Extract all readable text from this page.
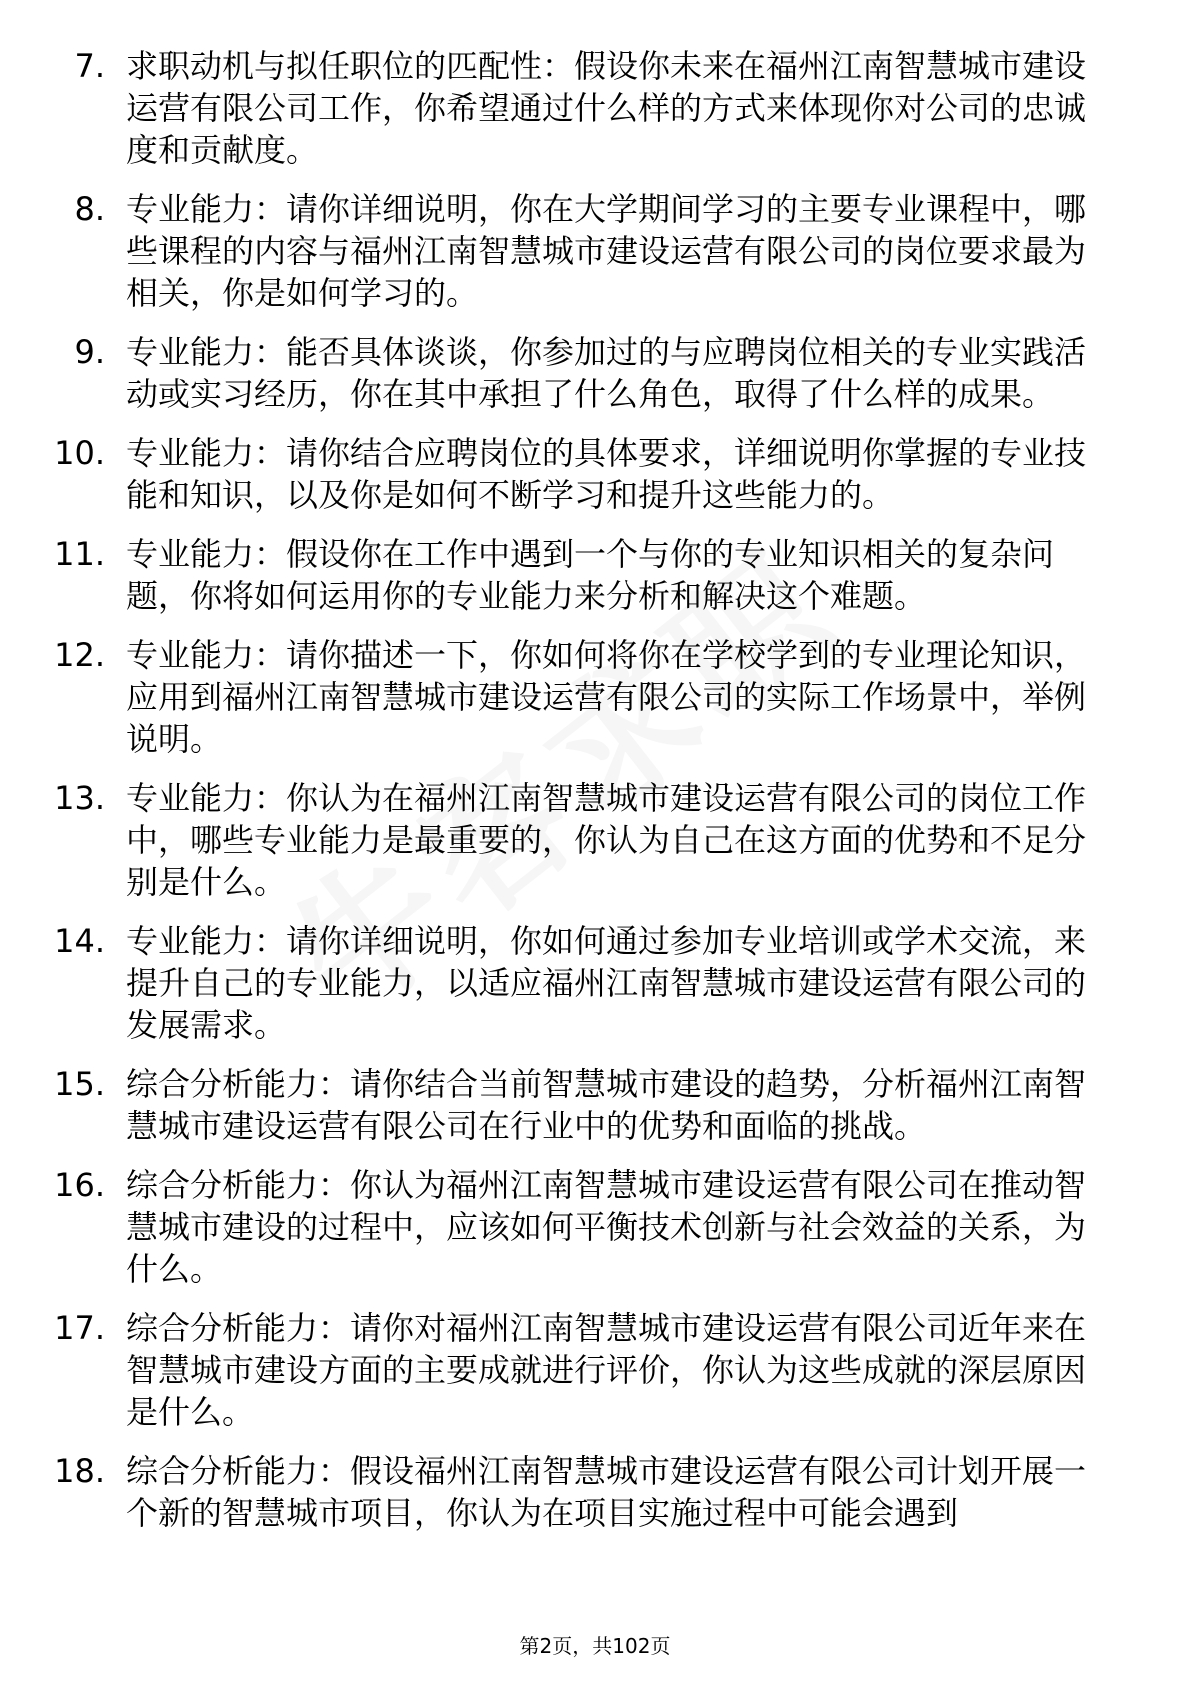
7. 求职动机与拟任职位的匹配性：假设你未来在福州江南智慧城市建设运营有限公司工作，你希望通过什么样的方式来体现你对公司的忠诚度和贡献度。
8. 专业能力：请你详细说明，你在大学期间学习的主要专业课程中，哪些课程的内容与福州江南智慧城市建设运营有限公司的岗位要求最为相关，你是如何学习的。
9. 专业能力：能否具体谈谈，你参加过的与应聘岗位相关的专业实践活动或实习经历，你在其中承担了什么角色，取得了什么样的成果。
10. 专业能力：请你结合应聘岗位的具体要求，详细说明你掌握的专业技能和知识，以及你是如何不断学习和提升这些能力的。
11. 专业能力：假设你在工作中遇到一个与你的专业知识相关的复杂问题，你将如何运用你的专业能力来分析和解决这个难题。
12. 专业能力：请你描述一下，你如何将你在学校学到的专业理论知识，应用到福州江南智慧城市建设运营有限公司的实际工作场景中，举例说明。
13. 专业能力：你认为在福州江南智慧城市建设运营有限公司的岗位工作中，哪些专业能力是最重要的，你认为自己在这方面的优势和不足分别是什么。
14. 专业能力：请你详细说明，你如何通过参加专业培训或学术交流，来提升自己的专业能力，以适应福州江南智慧城市建设运营有限公司的发展需求。
15. 综合分析能力：请你结合当前智慧城市建设的趋势，分析福州江南智慧城市建设运营有限公司在行业中的优势和面临的挑战。
16. 综合分析能力：你认为福州江南智慧城市建设运营有限公司在推动智慧城市建设的过程中，应该如何平衡技术创新与社会效益的关系，为什么。
17. 综合分析能力：请你对福州江南智慧城市建设运营有限公司近年来在智慧城市建设方面的主要成就进行评价，你认为这些成就的深层原因是什么。
18. 综合分析能力：假设福州江南智慧城市建设运营有限公司计划开展一个新的智慧城市项目，你认为在项目实施过程中可能会遇到
第2页，共102页
